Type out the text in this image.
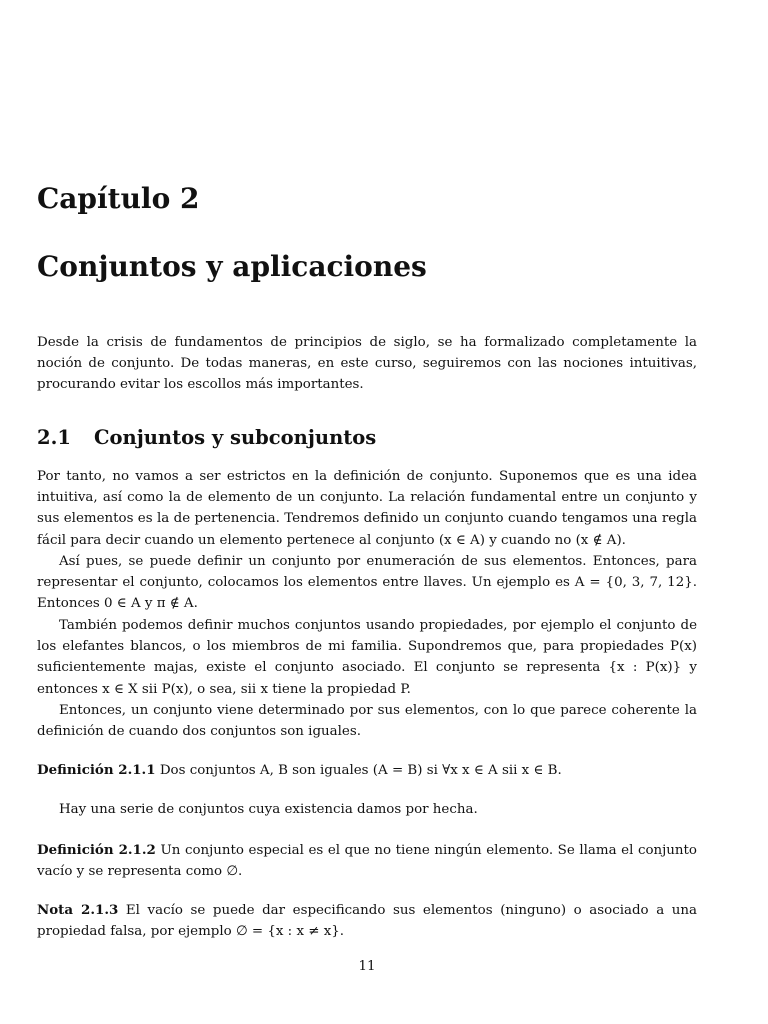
Capítulo 2
Conjuntos y aplicaciones

Desde la crisis de fundamentos de principios de siglo, se ha formalizado completamente la noción de conjunto. De todas maneras, en este curso, seguiremos con las nociones intuitivas, procurando evitar los escollos más importantes.

2.1 Conjuntos y subconjuntos

Por tanto, no vamos a ser estrictos en la definición de conjunto. Suponemos que es una idea intuitiva, así como la de elemento de un conjunto. La relación fundamental entre un conjunto y sus elementos es la de pertenencia. Tendremos definido un conjunto cuando tengamos una regla fácil para decir cuando un elemento pertenece al conjunto (x ∈ A) y cuando no (x ∉ A).

Así pues, se puede definir un conjunto por enumeración de sus elementos. Entonces, para representar el conjunto, colocamos los elementos entre llaves. Un ejemplo es A = {0, 3, 7, 12}. Entonces 0 ∈ A y π ∉ A.

También podemos definir muchos conjuntos usando propiedades, por ejemplo el conjunto de los elefantes blancos, o los miembros de mi familia. Supondremos que, para propiedades P(x) suficientemente majas, existe el conjunto asociado. El conjunto se representa {x : P(x)} y entonces x ∈ X sii P(x), o sea, sii x tiene la propiedad P.

Entonces, un conjunto viene determinado por sus elementos, con lo que parece coherente la definición de cuando dos conjuntos son iguales.

Definición 2.1.1 Dos conjuntos A, B son iguales (A = B) si ∀x x ∈ A sii x ∈ B.

Hay una serie de conjuntos cuya existencia damos por hecha.

Definición 2.1.2 Un conjunto especial es el que no tiene ningún elemento. Se llama el conjunto vacío y se representa como ∅.

Nota 2.1.3 El vacío se puede dar especificando sus elementos (ninguno) o asociado a una propiedad falsa, por ejemplo ∅ = {x : x ≠ x}.

11
